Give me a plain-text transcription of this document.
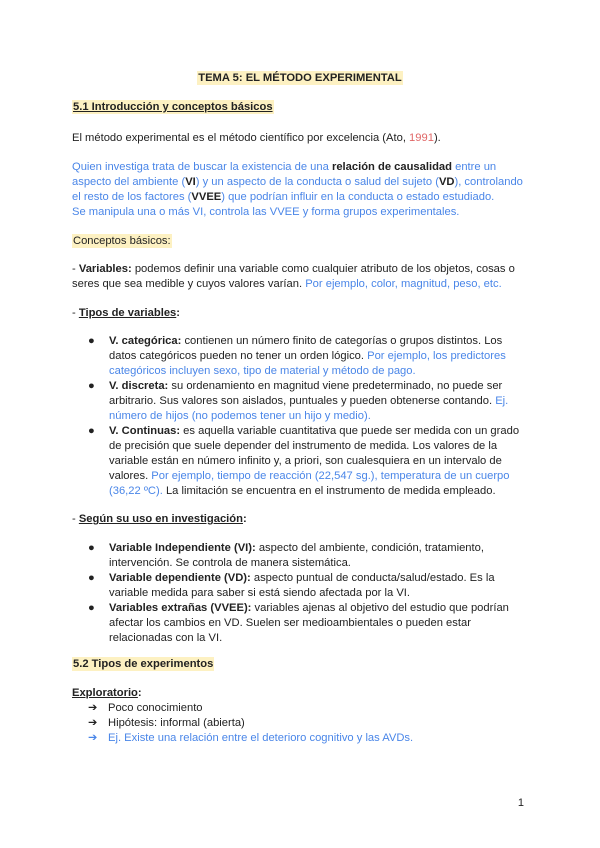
TEMA 5: EL MÉTODO EXPERIMENTAL
5.1 Introducción y conceptos básicos
El método experimental es el método científico por excelencia (Ato, 1991).
Quien investiga trata de buscar la existencia de una relación de causalidad entre un aspecto del ambiente (VI) y un aspecto de la conducta o salud del sujeto (VD), controlando el resto de los factores (VVEE) que podrían influir en la conducta o estado estudiado.
Se manipula una o más VI, controla las VVEE y forma grupos experimentales.
Conceptos básicos:
- Variables: podemos definir una variable como cualquier atributo de los objetos, cosas o seres que sea medible y cuyos valores varían. Por ejemplo, color, magnitud, peso, etc.
- Tipos de variables:
● V. categórica: contienen un número finito de categorías o grupos distintos. Los datos categóricos pueden no tener un orden lógico. Por ejemplo, los predictores categóricos incluyen sexo, tipo de material y método de pago.
● V. discreta: su ordenamiento en magnitud viene predeterminado, no puede ser arbitrario. Sus valores son aislados, puntuales y pueden obtenerse contando. Ej. número de hijos (no podemos tener un hijo y medio).
● V. Continuas: es aquella variable cuantitativa que puede ser medida con un grado de precisión que suele depender del instrumento de medida. Los valores de la variable están en número infinito y, a priori, son cualesquiera en un intervalo de valores. Por ejemplo, tiempo de reacción (22,547 sg.), temperatura de un cuerpo (36,22 ºC). La limitación se encuentra en el instrumento de medida empleado.
- Según su uso en investigación:
● Variable Independiente (VI): aspecto del ambiente, condición, tratamiento, intervención. Se controla de manera sistemática.
● Variable dependiente (VD): aspecto puntual de conducta/salud/estado. Es la variable medida para saber si está siendo afectada por la VI.
● Variables extrañas (VVEE): variables ajenas al objetivo del estudio que podrían afectar los cambios en VD. Suelen ser medioambientales o pueden estar relacionadas con la VI.
5.2 Tipos de experimentos
Exploratorio:
➔ Poco conocimiento
➔ Hipótesis: informal (abierta)
➔ Ej. Existe una relación entre el deterioro cognitivo y las AVDs.
1
